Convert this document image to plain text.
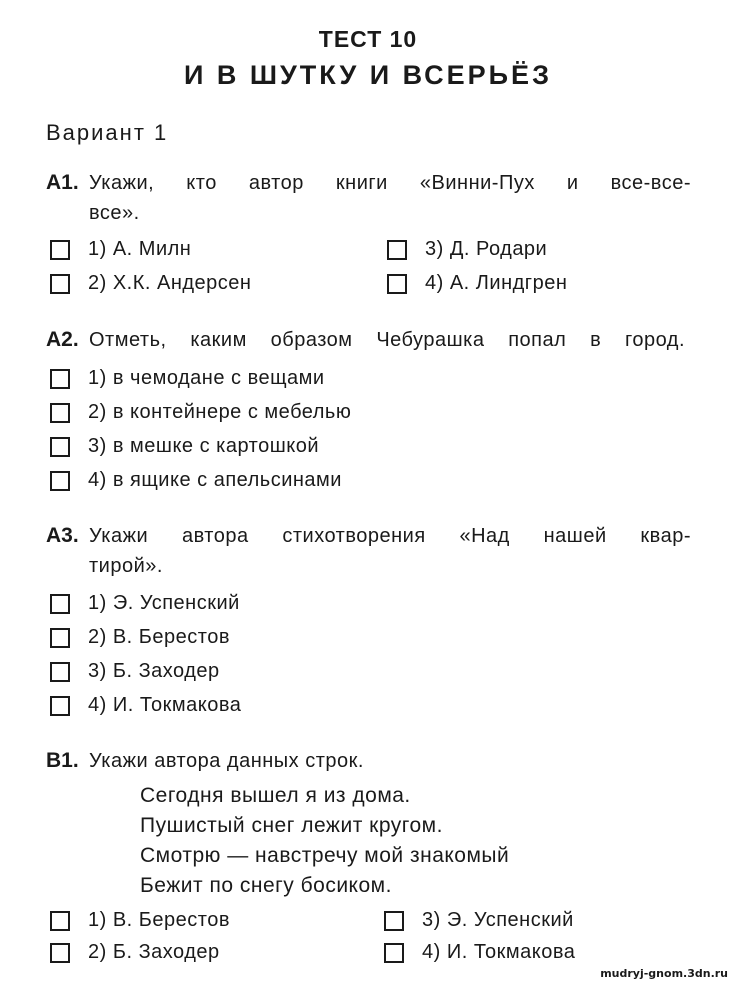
ТЕСТ 10
И В ШУТКУ И ВСЕРЬЁЗ
Вариант 1
А1. Укажи, кто автор книги «Винни-Пух и все-все-
все».
1) А. Милн	3) Д. Родари
2) Х.К. Андерсен	4) А. Линдгрен
А2. Отметь, каким образом Чебурашка попал в город.
1) в чемодане с вещами
2) в контейнере с мебелью
3) в мешке с картошкой
4) в ящике с апельсинами
А3. Укажи автора стихотворения «Над нашей квар-
тирой».
1) Э. Успенский
2) В. Берестов
3) Б. Заходер
4) И. Токмакова
В1. Укажи автора данных строк.
Сегодня вышел я из дома.
Пушистый снег лежит кругом.
Смотрю — навстречу мой знакомый
Бежит по снегу босиком.
1) В. Берестов	3) Э. Успенский
2) Б. Заходер	4) И. Токмакова
mudryj-gnom.3dn.ru
